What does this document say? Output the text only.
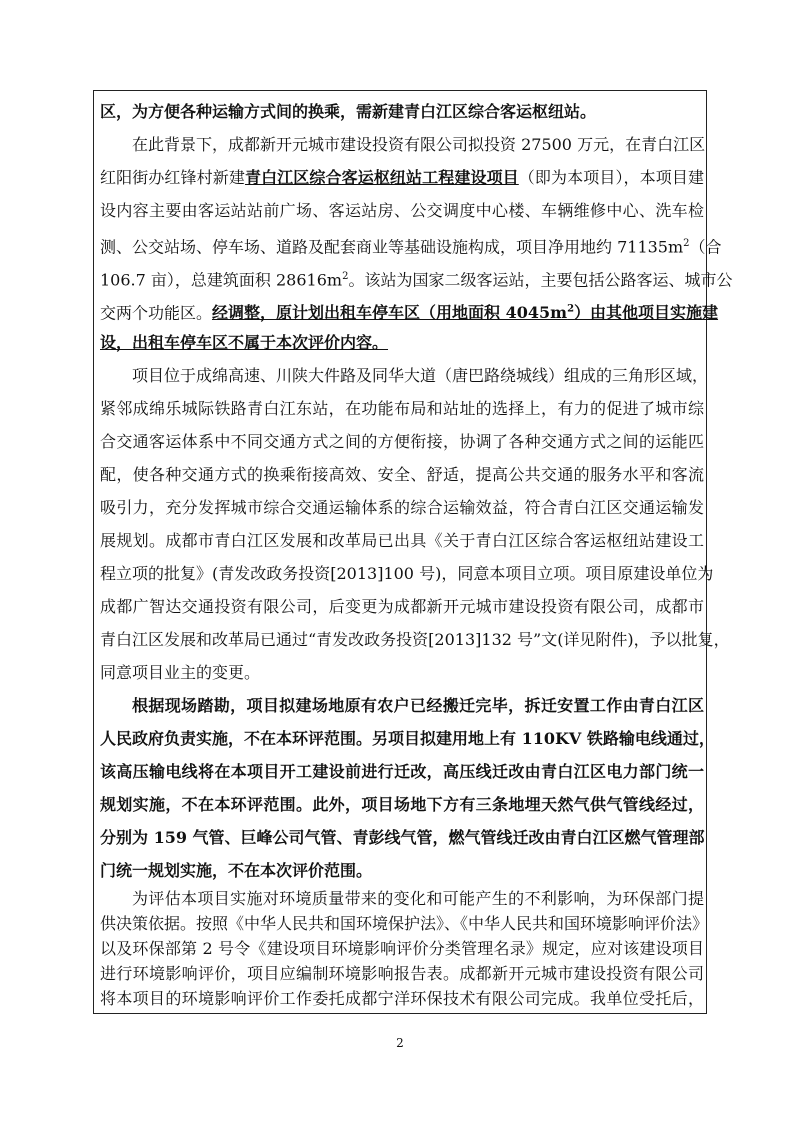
区，为方便各种运输方式间的换乘，需新建青白江区综合客运枢纽站。
在此背景下，成都新开元城市建设投资有限公司拟投资 27500 万元，在青白江区
红阳街办红锋村新建青白江区综合客运枢纽站工程建设项目（即为本项目），本项目建
设内容主要由客运站站前广场、客运站房、公交调度中心楼、车辆维修中心、洗车检
测、公交站场、停车场、道路及配套商业等基础设施构成，项目净用地约 $71135m^2$（合
106.7 亩），总建筑面积 $28616m^2$。该站为国家二级客运站，主要包括公路客运、城市公
交两个功能区。经调整，原计划出租车停车区（用地面积 $4045m^2$）由其他项目实施建
设，出租车停车区不属于本次评价内容。
项目位于成绵高速、川陕大件路及同华大道（唐巴路绕城线）组成的三角形区域，
紧邻成绵乐城际铁路青白江东站，在功能布局和站址的选择上，有力的促进了城市综
合交通客运体系中不同交通方式之间的方便衔接，协调了各种交通方式之间的运能匹
配，使各种交通方式的换乘衔接高效、安全、舒适，提高公共交通的服务水平和客流
吸引力，充分发挥城市综合交通运输体系的综合运输效益，符合青白江区交通运输发
展规划。成都市青白江区发展和改革局已出具《关于青白江区综合客运枢纽站建设工
程立项的批复》(青发改政务投资[2013]100 号)，同意本项目立项。项目原建设单位为
成都广智达交通投资有限公司，后变更为成都新开元城市建设投资有限公司，成都市
青白江区发展和改革局已通过“青发改政务投资[2013]132 号”文(详见附件)，予以批复，
同意项目业主的变更。
根据现场踏勘，项目拟建场地原有农户已经搬迁完毕，拆迁安置工作由青白江区
人民政府负责实施，不在本环评范围。另项目拟建用地上有 110KV 铁路输电线通过，
该高压输电线将在本项目开工建设前进行迁改，高压线迁改由青白江区电力部门统一
规划实施，不在本环评范围。此外，项目场地下方有三条地埋天然气供气管线经过，
分别为 159 气管、巨峰公司气管、青彭线气管，燃气管线迁改由青白江区燃气管理部
门统一规划实施，不在本次评价范围。
为评估本项目实施对环境质量带来的变化和可能产生的不利影响，为环保部门提
供决策依据。按照《中华人民共和国环境保护法》、《中华人民共和国环境影响评价法》
以及环保部第 2 号令《建设项目环境影响评价分类管理名录》规定，应对该建设项目
进行环境影响评价，项目应编制环境影响报告表。成都新开元城市建设投资有限公司
2
将本项目的环境影响评价工作委托成都宁洋环保技术有限公司完成。我单位受托后，
